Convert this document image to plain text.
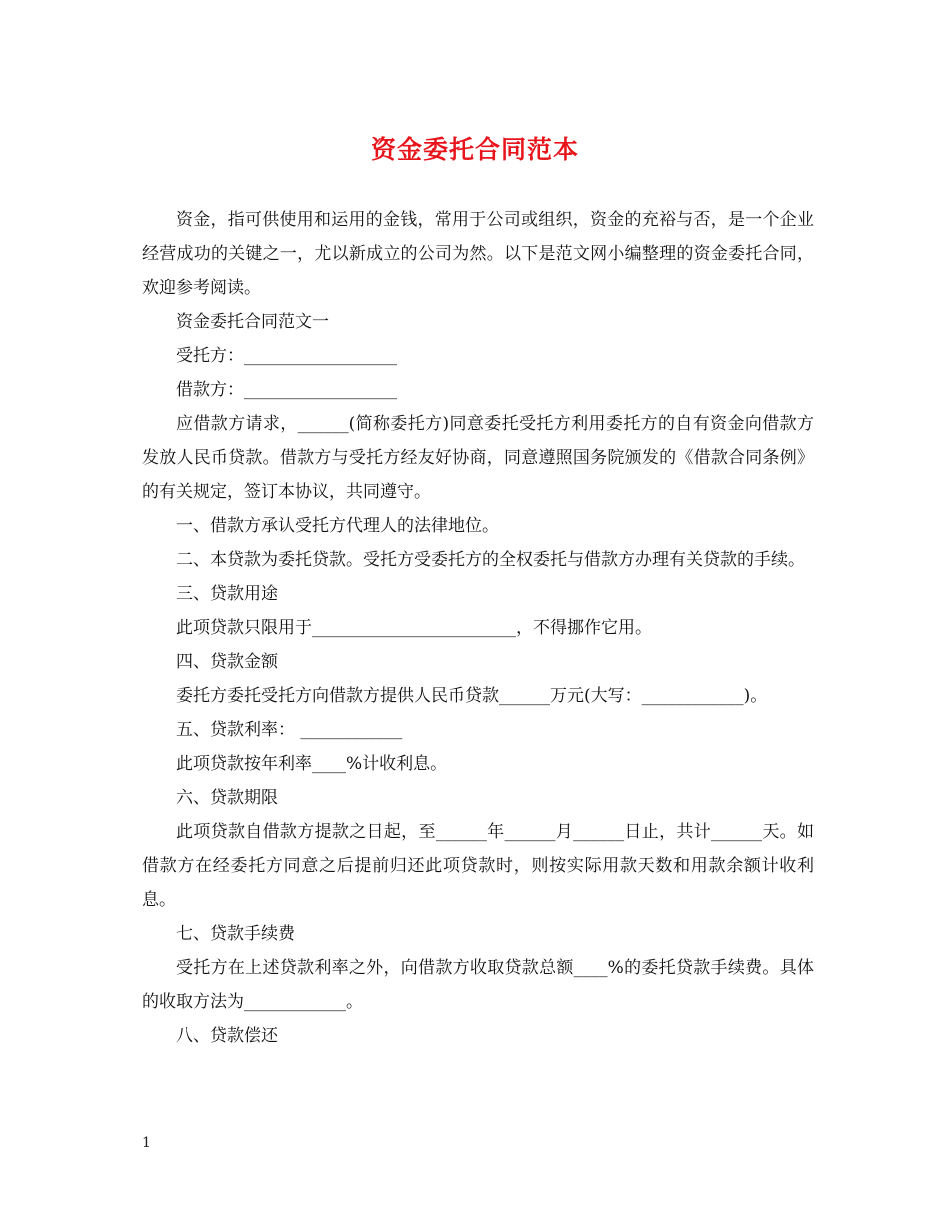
资金委托合同范本

资金，指可供使用和运用的金钱，常用于公司或组织，资金的充裕与否，是一个企业经营成功的关键之一，尤以新成立的公司为然。以下是范文网小编整理的资金委托合同，欢迎参考阅读。

资金委托合同范文一

受托方：__________________

借款方：__________________

应借款方请求，______(简称委托方)同意委托受托方利用委托方的自有资金向借款方发放人民币贷款。借款方与受托方经友好协商，同意遵照国务院颁发的《借款合同条例》的有关规定，签订本协议，共同遵守。

一、借款方承认受托方代理人的法律地位。

二、本贷款为委托贷款。受托方受委托方的全权委托与借款方办理有关贷款的手续。

三、贷款用途

此项贷款只限用于________________________，不得挪作它用。

四、贷款金额

委托方委托受托方向借款方提供人民币贷款______万元(大写：____________)。

五、贷款利率： ____________

此项贷款按年利率____%计收利息。

六、贷款期限

此项贷款自借款方提款之日起，至______年______月______日止，共计______天。如借款方在经委托方同意之后提前归还此项贷款时，则按实际用款天数和用款余额计收利息。

七、贷款手续费

受托方在上述贷款利率之外，向借款方收取贷款总额____%的委托贷款手续费。具体的收取方法为____________。

八、贷款偿还

1
